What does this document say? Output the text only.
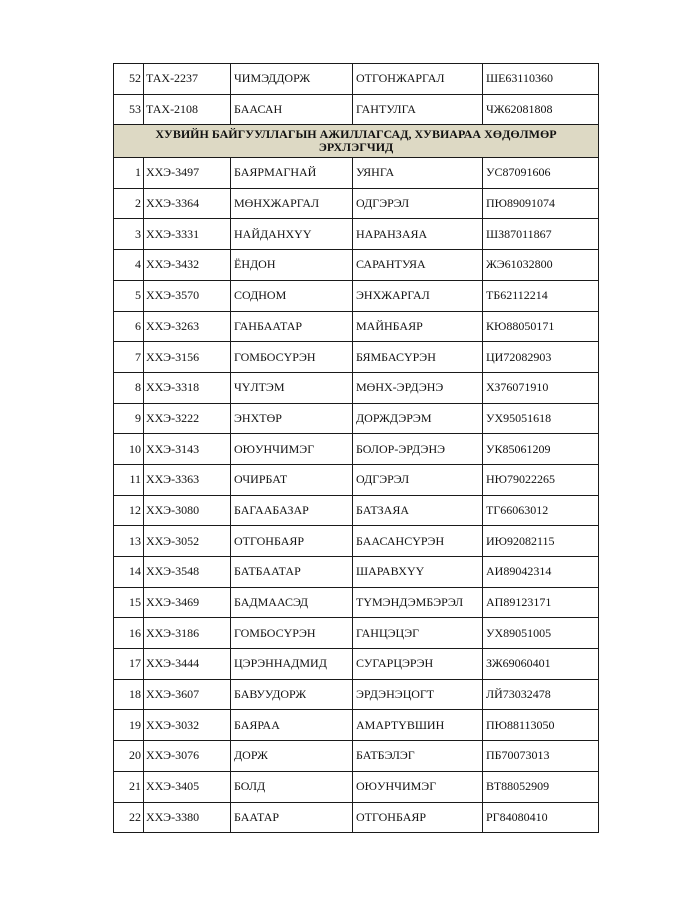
52	ТАХ-2237	ЧИМЭДДОРЖ	ОТГОНЖАРГАЛ	ШЕ63110360
53	ТАХ-2108	БААСАН	ГАНТУЛГА	ЧЖ62081808
ХУВИЙН БАЙГУУЛЛАГЫН АЖИЛЛАГСАД, ХУВИАРАА ХӨДӨЛМӨР ЭРХЛЭГЧИД				
1	ХХЭ-3497	БАЯРМАГНАЙ	УЯНГА	УС87091606
2	ХХЭ-3364	МӨНХЖАРГАЛ	ОДГЭРЭЛ	ПЮ89091074
3	ХХЭ-3331	НАЙДАНХҮҮ	НАРАНЗАЯА	ШЗ87011867
4	ХХЭ-3432	ЁНДОН	САРАНТУЯА	ЖЭ61032800
5	ХХЭ-3570	СОДНОМ	ЭНХЖАРГАЛ	ТБ62112214
6	ХХЭ-3263	ГАНБААТАР	МАЙНБАЯР	КЮ88050171
7	ХХЭ-3156	ГОМБОСҮРЭН	БЯМБАСҮРЭН	ЦИ72082903
8	ХХЭ-3318	ЧҮЛТЭМ	МӨНХ-ЭРДЭНЭ	ХЗ76071910
9	ХХЭ-3222	ЭНХТӨР	ДОРЖДЭРЭМ	УХ95051618
10	ХХЭ-3143	ОЮУНЧИМЭГ	БОЛОР-ЭРДЭНЭ	УК85061209
11	ХХЭ-3363	ОЧИРБАТ	ОДГЭРЭЛ	НЮ79022265
12	ХХЭ-3080	БАГААБАЗАР	БАТЗАЯА	ТГ66063012
13	ХХЭ-3052	ОТГОНБАЯР	БААСАНСҮРЭН	ИЮ92082115
14	ХХЭ-3548	БАТБААТАР	ШАРАВХҮҮ	АИ89042314
15	ХХЭ-3469	БАДМААСЭД	ТҮМЭНДЭМБЭРЭЛ	АП89123171
16	ХХЭ-3186	ГОМБОСҮРЭН	ГАНЦЭЦЭГ	УХ89051005
17	ХХЭ-3444	ЦЭРЭННАДМИД	СУГАРЦЭРЭН	ЗЖ69060401
18	ХХЭ-3607	БАВУУДОРЖ	ЭРДЭНЭЦОГТ	ЛЙ73032478
19	ХХЭ-3032	БАЯРАА	АМАРТҮВШИН	ПЮ88113050
20	ХХЭ-3076	ДОРЖ	БАТБЭЛЭГ	ПБ70073013
21	ХХЭ-3405	БОЛД	ОЮУНЧИМЭГ	ВТ88052909
22	ХХЭ-3380	БААТАР	ОТГОНБАЯР	РГ84080410
